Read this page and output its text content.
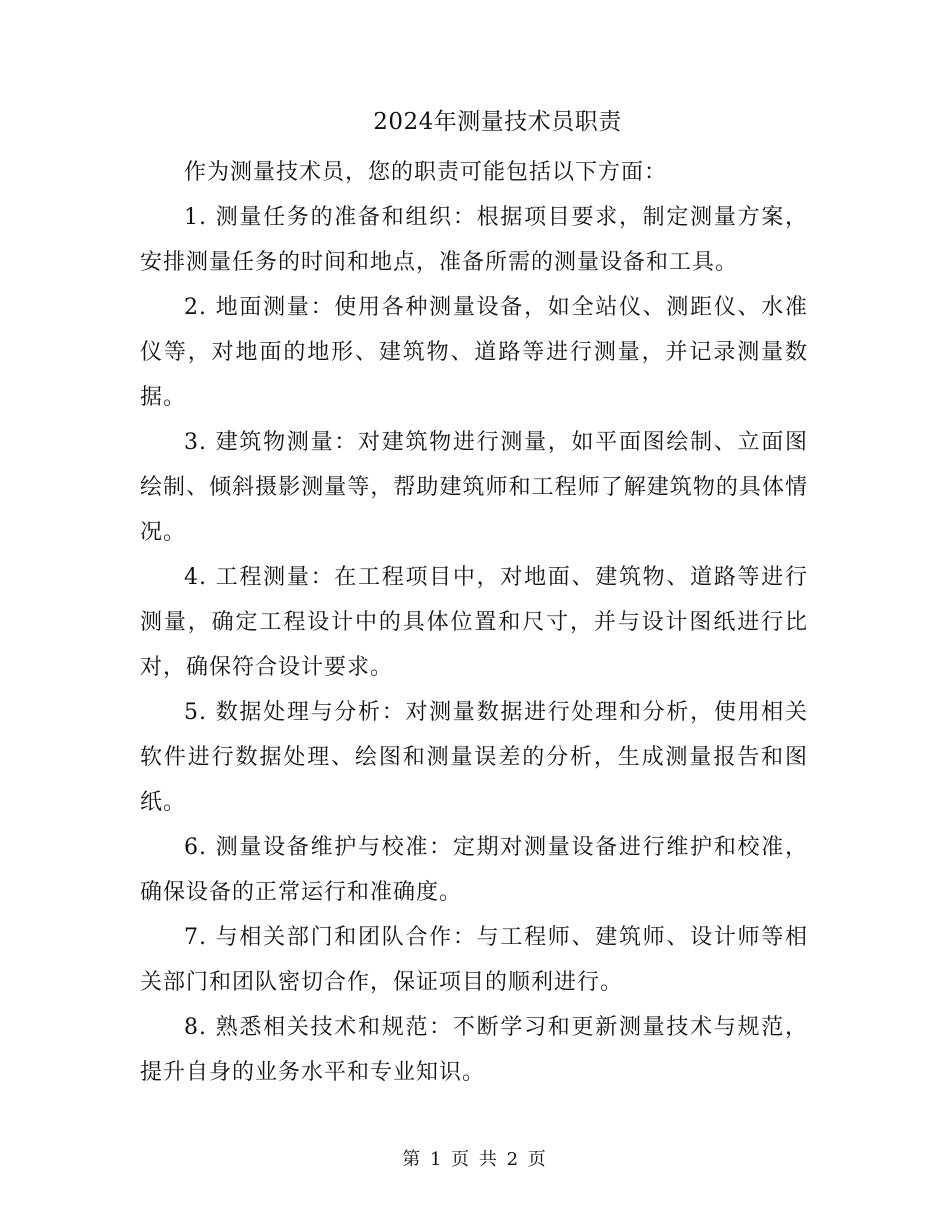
2024年测量技术员职责

作为测量技术员，您的职责可能包括以下方面：

1. 测量任务的准备和组织：根据项目要求，制定测量方案，安排测量任务的时间和地点，准备所需的测量设备和工具。

2. 地面测量：使用各种测量设备，如全站仪、测距仪、水准仪等，对地面的地形、建筑物、道路等进行测量，并记录测量数据。

3. 建筑物测量：对建筑物进行测量，如平面图绘制、立面图绘制、倾斜摄影测量等，帮助建筑师和工程师了解建筑物的具体情况。

4. 工程测量：在工程项目中，对地面、建筑物、道路等进行测量，确定工程设计中的具体位置和尺寸，并与设计图纸进行比对，确保符合设计要求。

5. 数据处理与分析：对测量数据进行处理和分析，使用相关软件进行数据处理、绘图和测量误差的分析，生成测量报告和图纸。

6. 测量设备维护与校准：定期对测量设备进行维护和校准，确保设备的正常运行和准确度。

7. 与相关部门和团队合作：与工程师、建筑师、设计师等相关部门和团队密切合作，保证项目的顺利进行。

8. 熟悉相关技术和规范：不断学习和更新测量技术与规范，提升自身的业务水平和专业知识。

第 1 页 共 2 页
